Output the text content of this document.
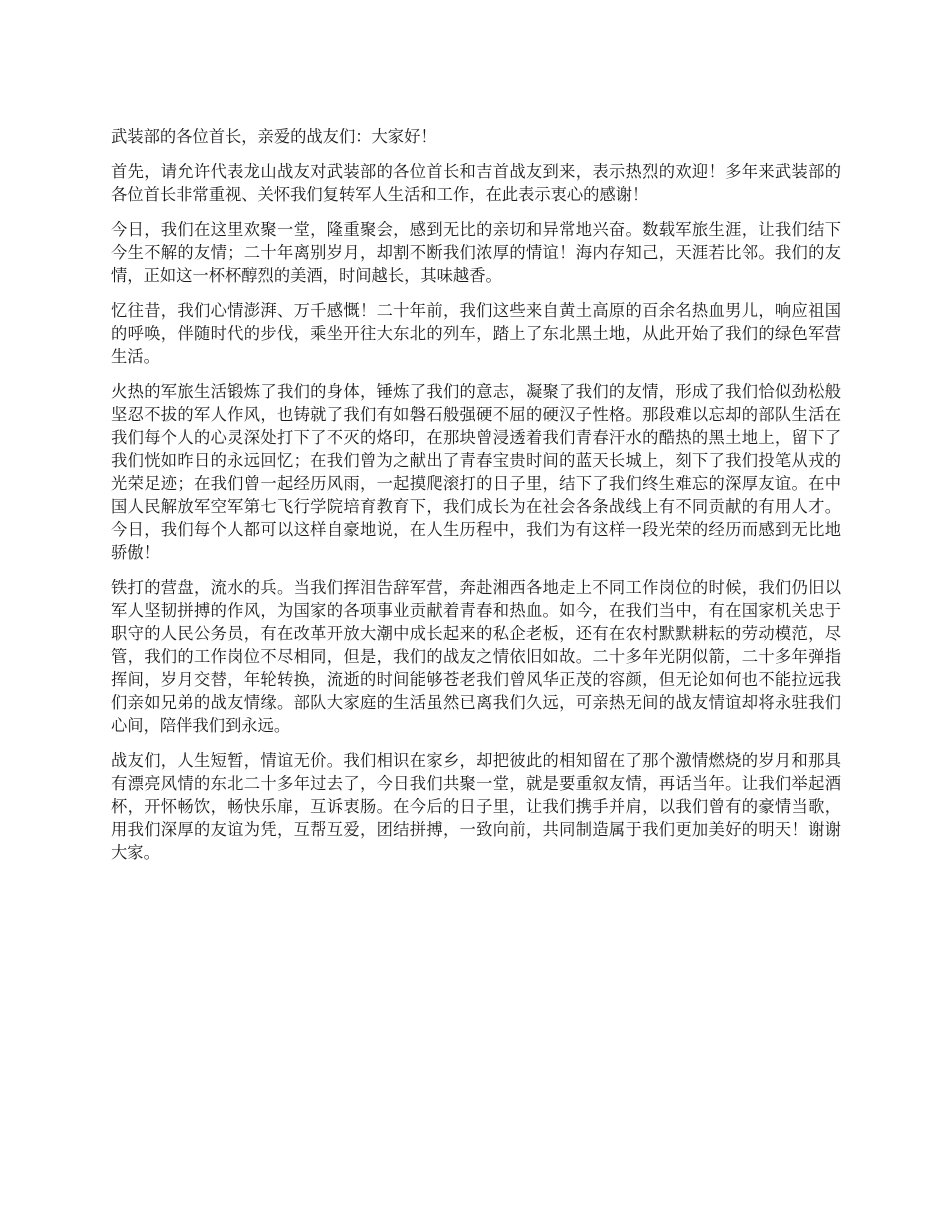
武装部的各位首长，亲爱的战友们：大家好！

首先，请允许代表龙山战友对武装部的各位首长和吉首战友到来，表示热烈的欢迎！多年来武装部的各位首长非常重视、关怀我们复转军人生活和工作，在此表示衷心的感谢！

今日，我们在这里欢聚一堂，隆重聚会，感到无比的亲切和异常地兴奋。数载军旅生涯，让我们结下今生不解的友情；二十年离别岁月，却割不断我们浓厚的情谊！海内存知己，天涯若比邻。我们的友情，正如这一杯杯醇烈的美酒，时间越长，其味越香。

忆往昔，我们心情澎湃、万千感慨！二十年前，我们这些来自黄土高原的百余名热血男儿，响应祖国的呼唤，伴随时代的步伐，乘坐开往大东北的列车，踏上了东北黑土地，从此开始了我们的绿色军营生活。

火热的军旅生活锻炼了我们的身体，锤炼了我们的意志，凝聚了我们的友情，形成了我们恰似劲松般坚忍不拔的军人作风，也铸就了我们有如磐石般强硬不屈的硬汉子性格。那段难以忘却的部队生活在我们每个人的心灵深处打下了不灭的烙印，在那块曾浸透着我们青春汗水的酷热的黑土地上，留下了我们恍如昨日的永远回忆；在我们曾为之献出了青春宝贵时间的蓝天长城上，刻下了我们投笔从戎的光荣足迹；在我们曾一起经历风雨，一起摸爬滚打的日子里，结下了我们终生难忘的深厚友谊。在中国人民解放军空军第七飞行学院培育教育下，我们成长为在社会各条战线上有不同贡献的有用人才。今日，我们每个人都可以这样自豪地说，在人生历程中，我们为有这样一段光荣的经历而感到无比地骄傲！

铁打的营盘，流水的兵。当我们挥泪告辞军营，奔赴湘西各地走上不同工作岗位的时候，我们仍旧以军人坚韧拼搏的作风，为国家的各项事业贡献着青春和热血。如今，在我们当中，有在国家机关忠于职守的人民公务员，有在改革开放大潮中成长起来的私企老板，还有在农村默默耕耘的劳动模范，尽管，我们的工作岗位不尽相同，但是，我们的战友之情依旧如故。二十多年光阴似箭，二十多年弹指挥间，岁月交替，年轮转换，流逝的时间能够苍老我们曾风华正茂的容颜，但无论如何也不能拉远我们亲如兄弟的战友情缘。部队大家庭的生活虽然已离我们久远，可亲热无间的战友情谊却将永驻我们心间，陪伴我们到永远。

战友们，人生短暂，情谊无价。我们相识在家乡，却把彼此的相知留在了那个激情燃烧的岁月和那具有漂亮风情的东北二十多年过去了，今日我们共聚一堂，就是要重叙友情，再话当年。让我们举起酒杯，开怀畅饮，畅快乐扉，互诉衷肠。在今后的日子里，让我们携手并肩，以我们曾有的豪情当歌，用我们深厚的友谊为凭，互帮互爱，团结拼搏，一致向前，共同制造属于我们更加美好的明天！谢谢大家。
